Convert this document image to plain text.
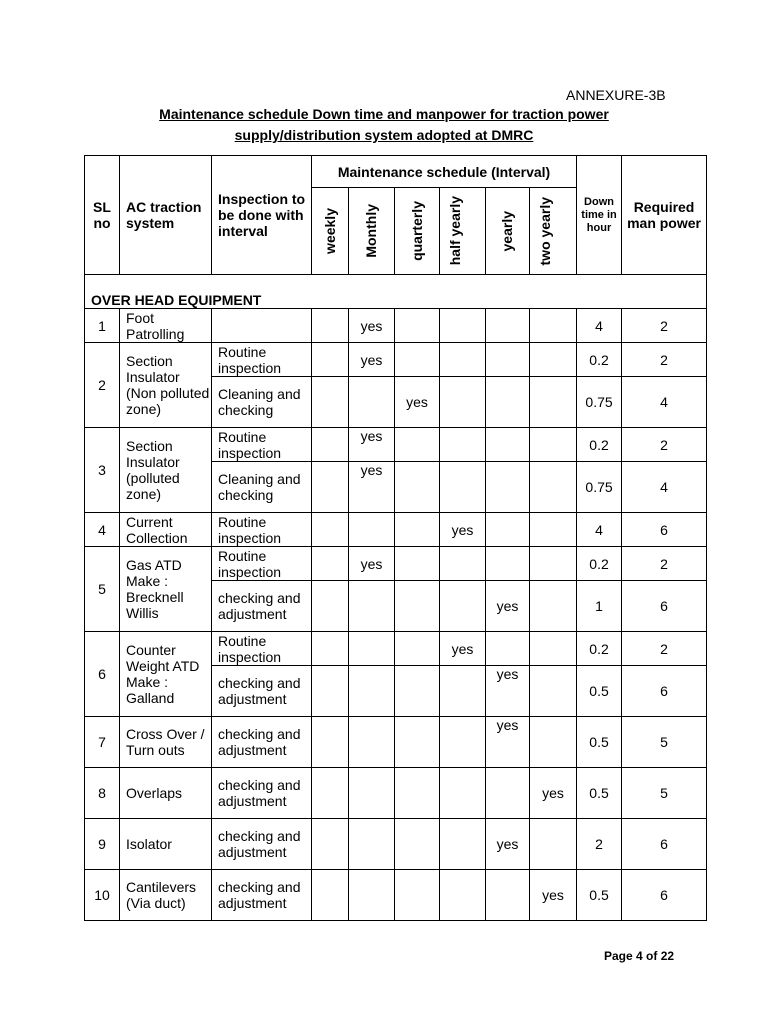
ANNEXURE-3B
Maintenance schedule Down time and manpower for traction power
supply/distribution system adopted at DMRC
SL no	AC traction system	Inspection to be done with interval	Maintenance schedule (Interval)						Down time in hour	Required man power

			weekly	Monthly	quarterly	half yearly	yearly	two yearly		

OVER HEAD EQUIPMENT										
1	Foot Patrolling			yes					4	2
2	Section Insulator (Non polluted zone)	Routine inspection		yes					0.2	2
		Cleaning and checking			yes				0.75	4
3	Section Insulator (polluted zone)	Routine inspection		yes					0.2	2
		Cleaning and checking		yes					0.75	4
4	Current Collection	Routine inspection				yes			4	6
5	Gas ATD Make : Brecknell Willis	Routine inspection		yes					0.2	2
		checking and adjustment					yes		1	6
6	Counter Weight ATD Make : Galland	Routine inspection				yes			0.2	2
		checking and adjustment					yes		0.5	6
7	Cross Over / Turn outs	checking and adjustment					yes		0.5	5
8	Overlaps	checking and adjustment						yes	0.5	5
9	Isolator	checking and adjustment					yes		2	6
10	Cantilevers (Via duct)	checking and adjustment						yes	0.5	6
Page 4 of 22
